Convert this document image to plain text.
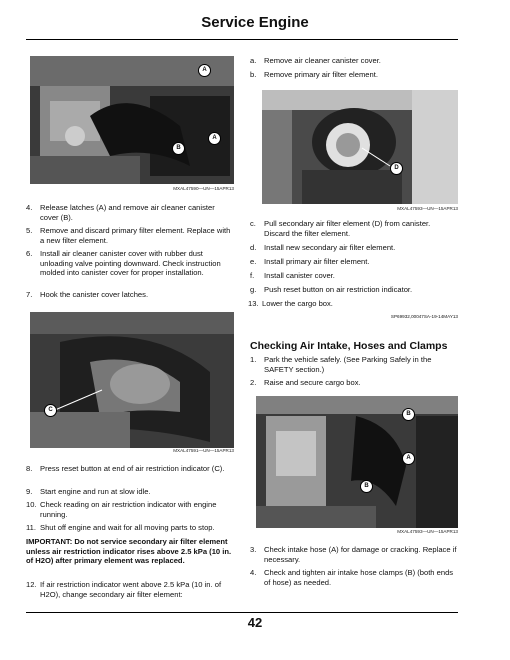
Service Engine
A
B
A
MXAL47590—UN—15APR13
4. Release latches (A) and remove air cleaner canister cover (B).
5. Remove and discard primary filter element. Replace with a new filter element.
6. Install air cleaner canister cover with rubber dust unloading valve pointing downward. Check instruction molded into canister cover for proper installation.
7. Hook the canister cover latches.
C
MXAL47591—UN—15APR13
8. Press reset button at end of air restriction indicator (C).
9. Start engine and run at slow idle.
10. Check reading on air restriction indicator with engine running.
11. Shut off engine and wait for all moving parts to stop.
IMPORTANT: Do not service secondary air filter element unless air restriction indicator rises above 2.5 kPa (10 in. of H2O) after primary element was replaced.
12. If air restriction indicator went above 2.5 kPa (10 in. of H2O), change secondary air filter element:
a. Remove air cleaner canister cover.
b. Remove primary air filter element.
D
MXAL47593—UN—15APR13
c. Pull secondary air filter element (D) from canister. Discard the filter element.
d. Install new secondary air filter element.
e. Install primary air filter element.
f. Install canister cover.
g. Push reset button on air restriction indicator.
13. Lower the cargo box.
SP69932,00047SA-19-14MAY13
Checking Air Intake, Hoses and Clamps
1. Park the vehicle safely. (See Parking Safely in the SAFETY section.)
2. Raise and secure cargo box.
B
A
B
MXAL47593—UN—15APR13
3. Check intake hose (A) for damage or cracking. Replace if necessary.
4. Check and tighten air intake hose clamps (B) (both ends of hose) as needed.
42
